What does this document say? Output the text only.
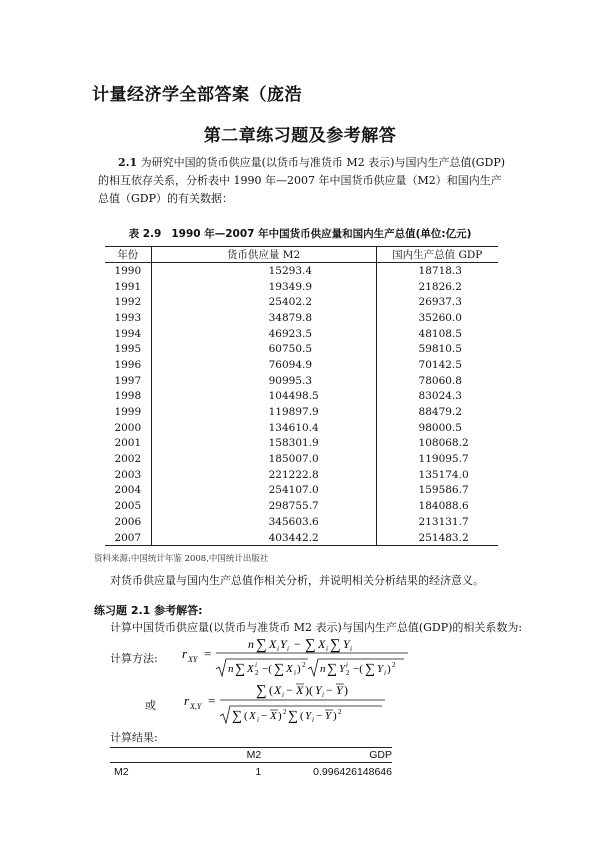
计量经济学全部答案（庞浩
第二章练习题及参考解答
2.1 为研究中国的货币供应量(以货币与准货币 M2 表示)与国内生产总值(GDP)的相互依存关系，分析表中 1990 年—2007 年中国货币供应量（M2）和国内生产总值（GDP）的有关数据：
表 2.9 1990 年—2007 年中国货币供应量和国内生产总值(单位:亿元)
年份	货币供应量 M2	国内生产总值 GDP
1990	15293.4	18718.3
1991	19349.9	21826.2
1992	25402.2	26937.3
1993	34879.8	35260.0
1994	46923.5	48108.5
1995	60750.5	59810.5
1996	76094.9	70142.5
1997	90995.3	78060.8
1998	104498.5	83024.3
1999	119897.9	88479.2
2000	134610.4	98000.5
2001	158301.9	108068.2
2002	185007.0	119095.7
2003	221222.8	135174.0
2004	254107.0	159586.7
2005	298755.7	184088.6
2006	345603.6	213131.7
2007	403442.2	251483.2
资料来源:中国统计年鉴 2008,中国统计出版社
对货币供应量与国内生产总值作相关分析，并说明相关分析结果的经济意义。
练习题 2.1 参考解答:
计算中国货币供应量(以货币与准货币 M2 表示)与国内生产总值(GDP)的相关系数为:
计算方法: r XY =
n ∑ X i Y i − ∑ X i ∑ Y i
n ∑ X i
2 −( ∑ X i ) 2 n ∑ Y i
2 −( ∑ Y i ) 2
或 r X,Y =
∑ ( X i − X )( Y i − Y )
∑ ( X i − X ) 2 ∑ ( Y i − Y ) 2
计算结果:
	M2	GDP
M2	1	0.996426148646
